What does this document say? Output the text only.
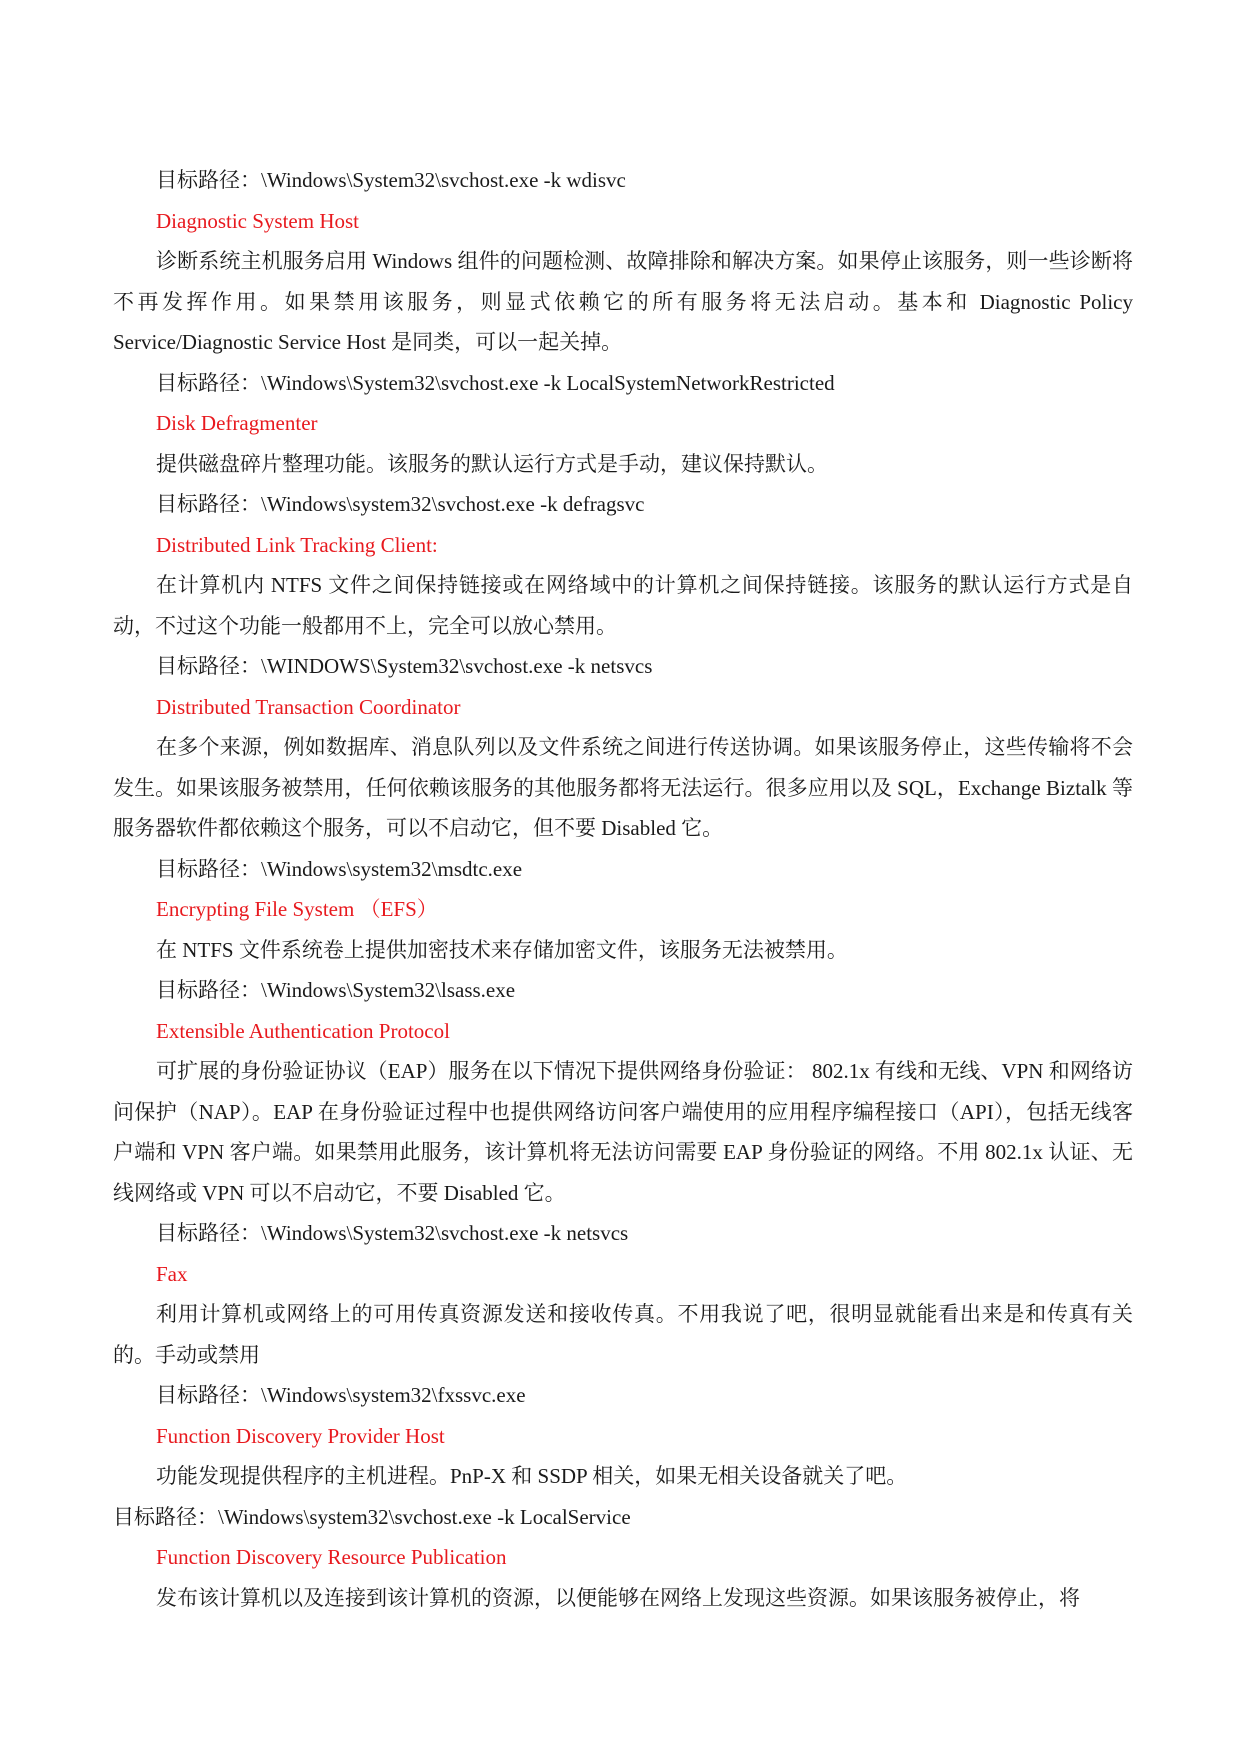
目标路径：\Windows\System32\svchost.exe -k wdisvc

Diagnostic System Host

诊断系统主机服务启用 Windows 组件的问题检测、故障排除和解决方案。如果停止该服务，则一些诊断将不再发挥作用。如果禁用该服务，则显式依赖它的所有服务将无法启动。基本和 Diagnostic Policy Service/Diagnostic Service Host 是同类，可以一起关掉。

目标路径：\Windows\System32\svchost.exe -k LocalSystemNetworkRestricted

Disk Defragmenter

提供磁盘碎片整理功能。该服务的默认运行方式是手动，建议保持默认。

目标路径：\Windows\system32\svchost.exe -k defragsvc

Distributed Link Tracking Client:

在计算机内 NTFS 文件之间保持链接或在网络域中的计算机之间保持链接。该服务的默认运行方式是自动，不过这个功能一般都用不上，完全可以放心禁用。

目标路径：\WINDOWS\System32\svchost.exe -k netsvcs

Distributed Transaction Coordinator

在多个来源，例如数据库、消息队列以及文件系统之间进行传送协调。如果该服务停止，这些传输将不会发生。如果该服务被禁用，任何依赖该服务的其他服务都将无法运行。很多应用以及 SQL，Exchange Biztalk 等服务器软件都依赖这个服务，可以不启动它，但不要 Disabled 它。

目标路径：\Windows\system32\msdtc.exe

Encrypting File System （EFS）

在 NTFS 文件系统卷上提供加密技术来存储加密文件，该服务无法被禁用。

目标路径：\Windows\System32\lsass.exe

Extensible Authentication Protocol

可扩展的身份验证协议（EAP）服务在以下情况下提供网络身份验证： 802.1x 有线和无线、VPN 和网络访问保护（NAP）。EAP 在身份验证过程中也提供网络访问客户端使用的应用程序编程接口（API），包括无线客户端和 VPN 客户端。如果禁用此服务，该计算机将无法访问需要 EAP 身份验证的网络。不用 802.1x 认证、无线网络或 VPN 可以不启动它，不要 Disabled 它。

目标路径：\Windows\System32\svchost.exe -k netsvcs

Fax

利用计算机或网络上的可用传真资源发送和接收传真。不用我说了吧，很明显就能看出来是和传真有关的。手动或禁用

目标路径：\Windows\system32\fxssvc.exe

Function Discovery Provider Host

功能发现提供程序的主机进程。PnP-X 和 SSDP 相关，如果无相关设备就关了吧。

目标路径：\Windows\system32\svchost.exe -k LocalService

Function Discovery Resource Publication

发布该计算机以及连接到该计算机的资源，以便能够在网络上发现这些资源。如果该服务被停止，将
